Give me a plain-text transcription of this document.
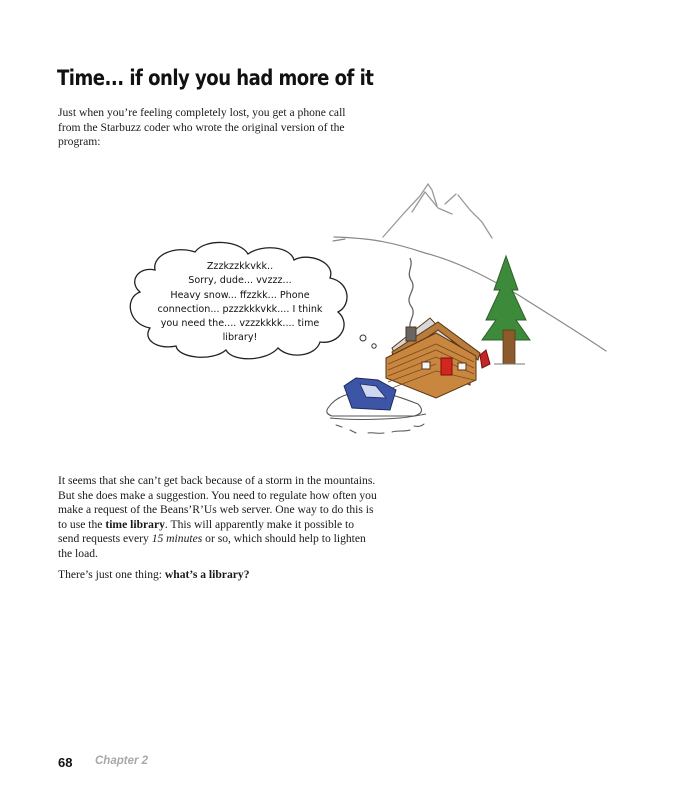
Time... if only you had more of it

Just when you’re feeling completely lost, you get a phone call from the Starbuzz coder who wrote the original version of the program:

Zzzkzzkkvkk..
Sorry, dude... vvzzz...
Heavy snow... ffzzkk... Phone
connection... pzzzkkkvkk.... I think
you need the.... vzzzkkkk.... time
library!

It seems that she can’t get back because of a storm in the mountains. But she does make a suggestion. You need to regulate how often you make a request of the Beans’R’Us web server. One way to do this is to use the time library. This will apparently make it possible to send requests every 15 minutes or so, which should help to lighten the load.

There’s just one thing: what’s a library?

68 Chapter 2
